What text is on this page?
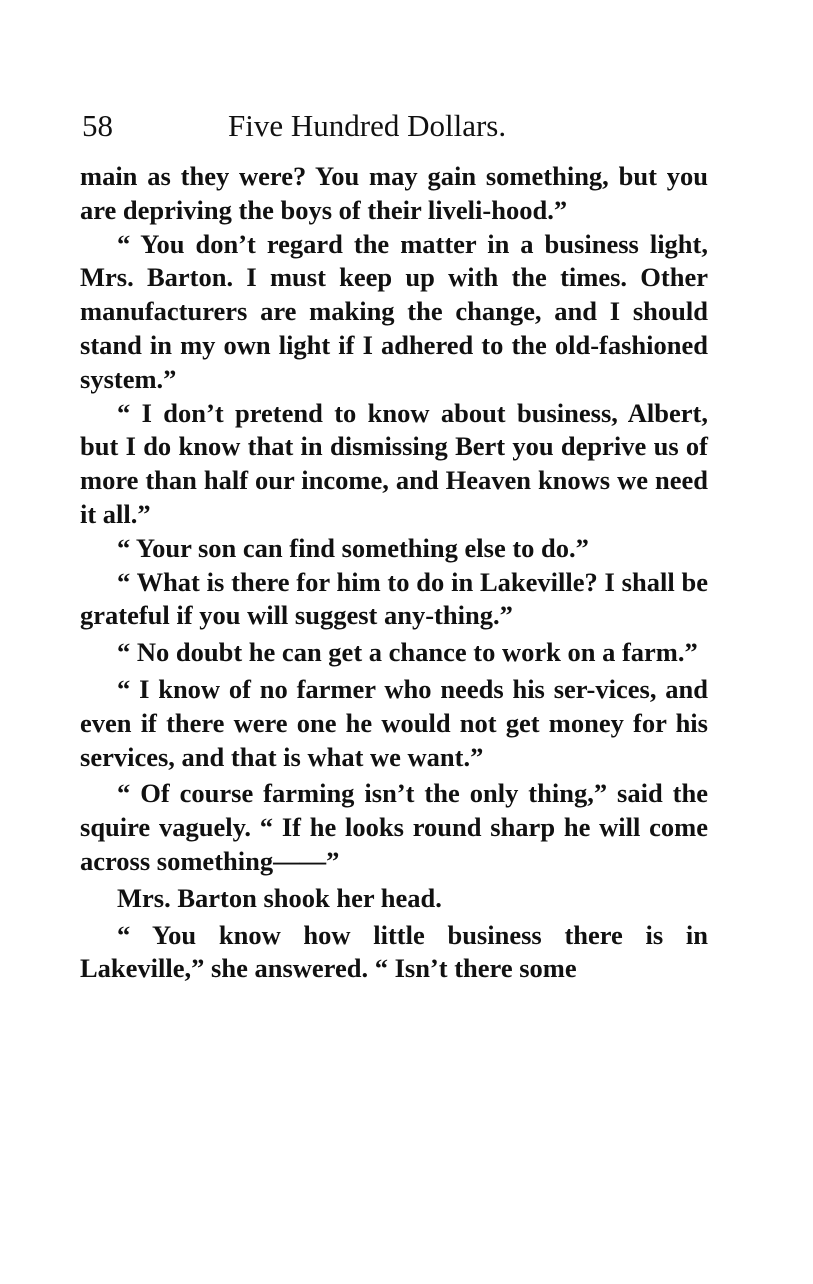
58	Five Hundred Dollars.

main as they were? You may gain something, but you are depriving the boys of their liveli-hood.”

“ You don’t regard the matter in a business light, Mrs. Barton. I must keep up with the times. Other manufacturers are making the change, and I should stand in my own light if I adhered to the old-fashioned system.”

“ I don’t pretend to know about business, Albert, but I do know that in dismissing Bert you deprive us of more than half our income, and Heaven knows we need it all.”

“ Your son can find something else to do.”

“ What is there for him to do in Lakeville? I shall be grateful if you will suggest any-thing.”

“ No doubt he can get a chance to work on a farm.”

“ I know of no farmer who needs his ser-vices, and even if there were one he would not get money for his services, and that is what we want.”

“ Of course farming isn’t the only thing,” said the squire vaguely. “ If he looks round sharp he will come across something——”

Mrs. Barton shook her head.

“ You know how little business there is in Lakeville,” she answered. “ Isn’t there some
